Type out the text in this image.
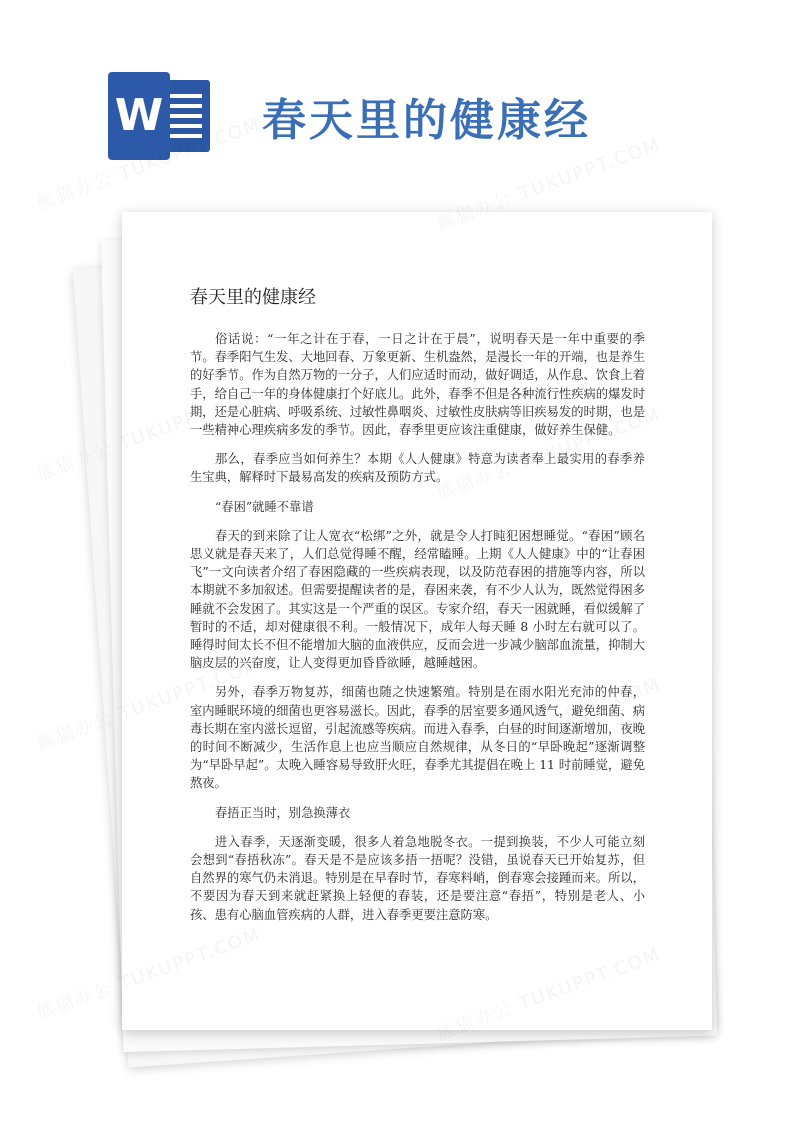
W 春天里的健康经
春天里的健康经

俗话说：“一年之计在于春，一日之计在于晨”，说明春天是一年中重要的季节。春季阳气生发、大地回春、万象更新、生机盎然，是漫长一年的开端，也是养生的好季节。作为自然万物的一分子，人们应适时而动，做好调适，从作息、饮食上着手，给自己一年的身体健康打个好底儿。此外，春季不但是各种流行性疾病的爆发时期，还是心脏病、呼吸系统、过敏性鼻咽炎、过敏性皮肤病等旧疾易发的时期，也是一些精神心理疾病多发的季节。因此，春季里更应该注重健康，做好养生保健。

那么，春季应当如何养生？本期《人人健康》特意为读者奉上最实用的春季养生宝典，解释时下最易高发的疾病及预防方式。

“春困”就睡不靠谱

春天的到来除了让人宽衣“松绑”之外，就是令人打盹犯困想睡觉。“春困”顾名思义就是春天来了，人们总觉得睡不醒，经常瞌睡。上期《人人健康》中的“让春困飞”一文向读者介绍了春困隐藏的一些疾病表现，以及防范春困的措施等内容，所以本期就不多加叙述。但需要提醒读者的是，春困来袭，有不少人认为，既然觉得困多睡就不会发困了。其实这是一个严重的误区。专家介绍，春天一困就睡，看似缓解了暂时的不适，却对健康很不利。一般情况下，成年人每天睡 8 小时左右就可以了。睡得时间太长不但不能增加大脑的血液供应，反而会进一步减少脑部血流量，抑制大脑皮层的兴奋度，让人变得更加昏昏欲睡，越睡越困。

另外，春季万物复苏，细菌也随之快速繁殖。特别是在雨水阳光充沛的仲春，室内睡眠环境的细菌也更容易滋长。因此，春季的居室要多通风透气，避免细菌、病毒长期在室内滋长逗留，引起流感等疾病。而进入春季，白昼的时间逐渐增加，夜晚的时间不断减少，生活作息上也应当顺应自然规律，从冬日的“早卧晚起”逐渐调整为“早卧早起”。太晚入睡容易导致肝火旺，春季尤其提倡在晚上 11 时前睡觉，避免熬夜。

春捂正当时，别急换薄衣

进入春季，天逐渐变暖，很多人着急地脱冬衣。一提到换装，不少人可能立刻会想到“春捂秋冻”。春天是不是应该多捂一捂呢？没错，虽说春天已开始复苏，但自然界的寒气仍未消退。特别是在早春时节，春寒料峭，倒春寒会接踵而来。所以，不要因为春天到来就赶紧换上轻便的春装，还是要注意“春捂”，特别是老人、小孩、患有心脑血管疾病的人群，进入春季更要注意防寒。
